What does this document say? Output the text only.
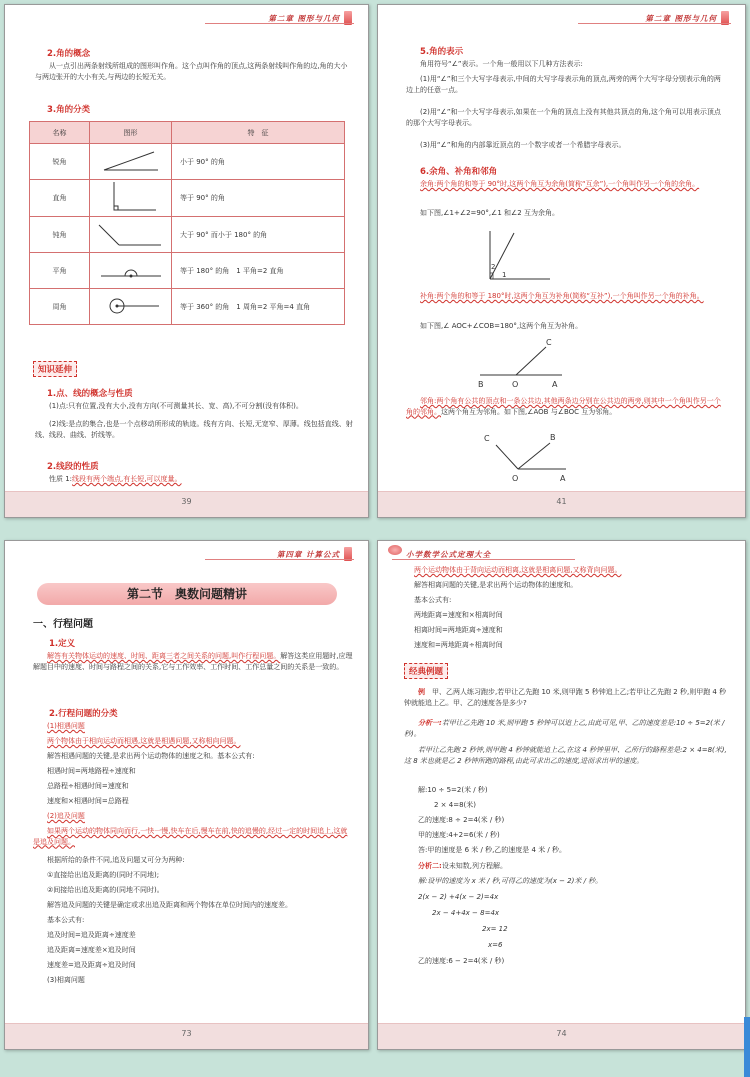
第二章 图形与几何
2.角的概念
从一点引出两条射线所组成的图形叫作角。这个点叫作角的顶点,这两条射线叫作角的边,角的大小与两边张开的大小有关,与两边的长短无关。
3.角的分类
名称	图形	特　征
锐角		小于 90° 的角
直角		等于 90° 的角
钝角		大于 90° 而小于 180° 的角
平角		等于 180° 的角　1 平角=2 直角
周角		等于 360° 的角　1 周角=2 平角=4 直角
知识延伸
1.点、线的概念与性质
(1)点:只有位置,没有大小,没有方向(不可测量其长、宽、高),不可分割(没有体积)。
(2)线:是点的集合,也是一个点移动所形成的轨迹。线有方向、长短,无宽窄、厚薄。线包括直线、射线、线段、曲线、折线等。
2.线段的性质
性质 1:线段有两个端点,有长短,可以度量。
39
第二章 图形与几何
5.角的表示
角用符号“∠”表示。一个角一般用以下几种方法表示:
(1)用“∠”和三个大写字母表示,中间的大写字母表示角的顶点,两旁的两个大写字母分别表示角的两边上的任意一点。
(2)用“∠”和一个大写字母表示,如果在一个角的顶点上没有其他共顶点的角,这个角可以用表示顶点的那个大写字母表示。
(3)用“∠”和角的内部靠近顶点的一个数字或者一个希腊字母表示。
6.余角、补角和邻角
余角:两个角的和等于 90°时,这两个角互为余角(简称“互余”),一个角叫作另一个角的余角。
如下图,∠1+∠2=90°,∠1 和∠2 互为余角。
2
1
补角:两个角的和等于 180°时,这两个角互为补角(简称“互补”),一个角叫作另一个角的补角。
如下图,∠ AOC+∠COB=180°,这两个角互为补角。
C
B	O	A
邻角:两个角有公共的顶点和一条公共边,其他两条边分别在公共边的两旁,则其中一个角叫作另一个角的邻角。这两个角互为邻角。如下图,∠AOB 与∠BOC 互为邻角。
C	B
O	A
41
第四章 计算公式
第二节　奥数问题精讲
一、行程问题
1.定义
解答有关物体运动的速度、时间、距离三者之间关系的问题,叫作行程问题。解答这类应用题时,应理解题目中的速度、时间与路程之间的关系,它与工作效率、工作时间、工作总量之间的关系是一致的。
2.行程问题的分类
(1)相遇问题
两个物体由于相向运动而相遇,这就是相遇问题,又称相向问题。
解答相遇问题的关键,是求出两个运动物体的速度之和。基本公式有:
相遇时间=两地路程÷速度和
总路程÷相遇时间=速度和
速度和×相遇时间=总路程
(2)追及问题
如果两个运动的物体同向而行,一快一慢,快车在后,慢车在前,快的追慢的,经过一定的时间追上,这就是追及问题。
根据所给的条件不同,追及问题又可分为两种:
①直接给出追及距离的(同时不同地);
②间接给出追及距离的(同地不同时)。
解答追及问题的关键是确定或求出追及距离和两个物体在单位时间内的速度差。
基本公式有:
追及时间=追及距离÷速度差
追及距离=速度差×追及时间
速度差=追及距离÷追及时间
(3)相离问题
73
小学数学公式定理大全
两个运动物体由于背向运动而相离,这就是相离问题,又称背向问题。
解答相离问题的关键,是求出两个运动物体的速度和。
基本公式有:
两地距离=速度和×相离时间
相离时间=两地距离÷速度和
速度和=两地距离÷相离时间
经典例题
例　 甲、乙两人练习跑步,若甲让乙先跑 10 米,则甲跑 5 秒钟追上乙;若甲让乙先跑 2 秒,则甲跑 4 秒钟就能追上乙。甲、乙的速度各是多少?
分析一:若甲让乙先跑 10 米,则甲跑 5 秒钟可以追上乙,由此可见,甲、乙的速度差是:10 ÷ 5=2(米 / 秒)。
若甲让乙先跑 2 秒钟,则甲跑 4 秒钟就能追上乙,在这 4 秒钟里甲、乙所行的路程差是:2 × 4=8(米),这 8 米也就是乙 2 秒钟所跑的路程,由此可求出乙的速度,进而求出甲的速度。
解:10 ÷ 5=2(米 / 秒)
2 × 4=8(米)
乙的速度:8 ÷ 2=4(米 / 秒)
甲的速度:4+2=6(米 / 秒)
答:甲的速度是 6 米 / 秒,乙的速度是 4 米 / 秒。
分析二:设未知数,列方程解。
解:设甲的速度为 x 米 / 秒,可得乙的速度为(x − 2)米 / 秒。
2(x − 2) +4(x − 2)=4x
2x − 4+4x − 8=4x
2x= 12
x=6
乙的速度:6 − 2=4(米 / 秒)
74
